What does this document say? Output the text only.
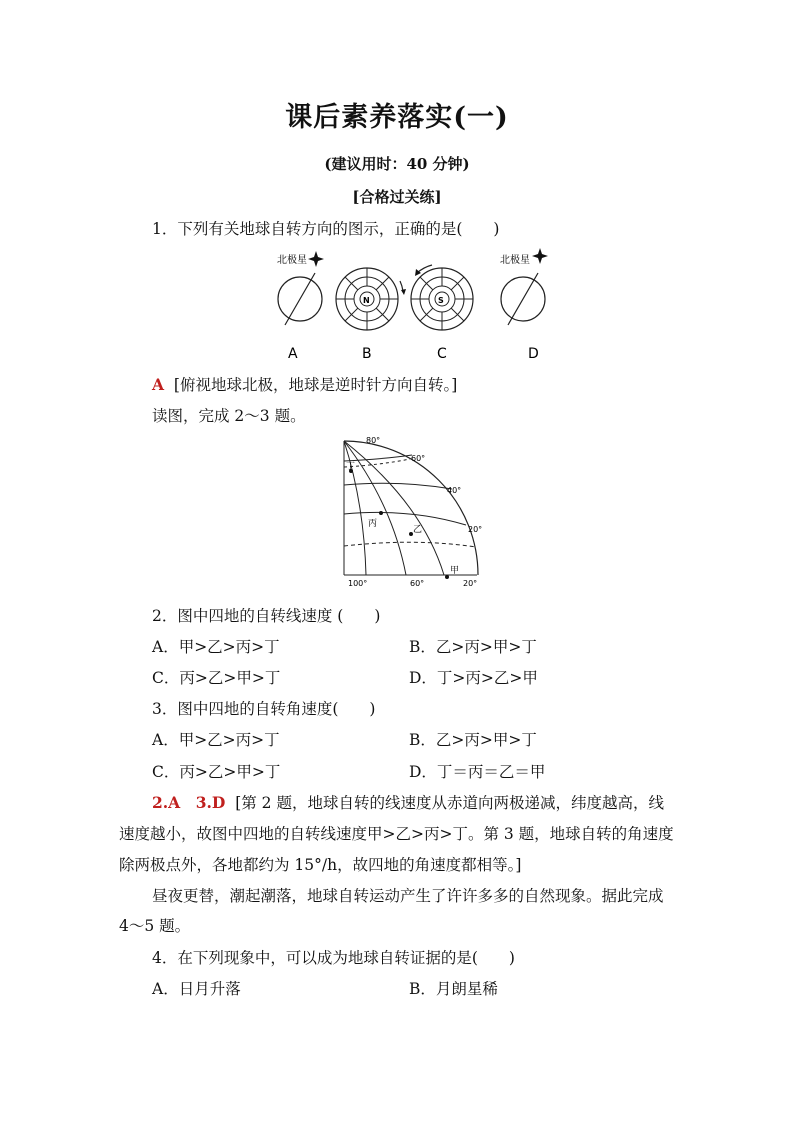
课后素养落实(一)
(建议用时：40 分钟)
[合格过关练]
1．下列有关地球自转方向的图示，正确的是(　　)
北极星
A
N
B
S
C
北极星
D
A [俯视地球北极，地球是逆时针方向自转。]
读图，完成 2～3 题。
80°
60°
40°
20°
100°	60°	20°
丁
丙
乙
甲
2．图中四地的自转线速度 (　　)
A．甲>乙>丙>丁	B．乙>丙>甲>丁
C．丙>乙>甲>丁	D．丁>丙>乙>甲
3．图中四地的自转角速度(　　)
A．甲>乙>丙>丁	B．乙>丙>甲>丁
C．丙>乙>甲>丁	D．丁＝丙＝乙＝甲
2.A　3.D [第 2 题，地球自转的线速度从赤道向两极递减，纬度越高，线
速度越小，故图中四地的自转线速度甲>乙>丙>丁。第 3 题，地球自转的角速度
除两极点外，各地都约为 15°/h，故四地的角速度都相等。]
昼夜更替，潮起潮落，地球自转运动产生了许许多多的自然现象。据此完成
4～5 题。
4．在下列现象中，可以成为地球自转证据的是(　　)
A．日月升落	B．月朗星稀
